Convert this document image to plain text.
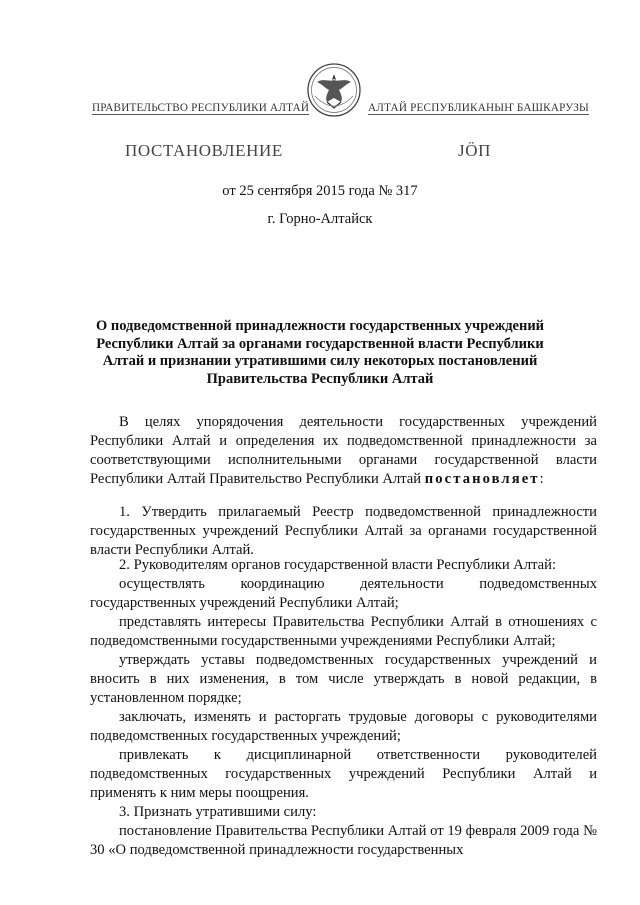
ПРАВИТЕЛЬСТВО РЕСПУБЛИКИ АЛТАЙ	АЛТАЙ РЕСПУБЛИКАНЫҤ БАШКАРУЗЫ
ПОСТАНОВЛЕНИЕ	ЈӦП
от 25 сентября 2015 года № 317
г. Горно-Алтайск
О подведомственной принадлежности государственных учреждений
Республики Алтай за органами государственной власти Республики
Алтай и признании утратившими силу некоторых постановлений
Правительства Республики Алтай
В целях упорядочения деятельности государственных учреждений Республики Алтай и определения их подведомственной принадлежности за соответствующими исполнительными органами государственной власти Республики Алтай Правительство Республики Алтай постановляет:
1. Утвердить прилагаемый Реестр подведомственной принадлежности государственных учреждений Республики Алтай за органами государственной власти Республики Алтай.
2. Руководителям органов государственной власти Республики Алтай:
осуществлять координацию деятельности подведомственных государственных учреждений Республики Алтай;
представлять интересы Правительства Республики Алтай в отношениях с подведомственными государственными учреждениями Республики Алтай;
утверждать уставы подведомственных государственных учреждений и вносить в них изменения, в том числе утверждать в новой редакции, в установленном порядке;
заключать, изменять и расторгать трудовые договоры с руководителями подведомственных государственных учреждений;
привлекать к дисциплинарной ответственности руководителей подведомственных государственных учреждений Республики Алтай и применять к ним меры поощрения.
3. Признать утратившими силу:
постановление Правительства Республики Алтай от 19 февраля 2009 года № 30 «О подведомственной принадлежности государственных
